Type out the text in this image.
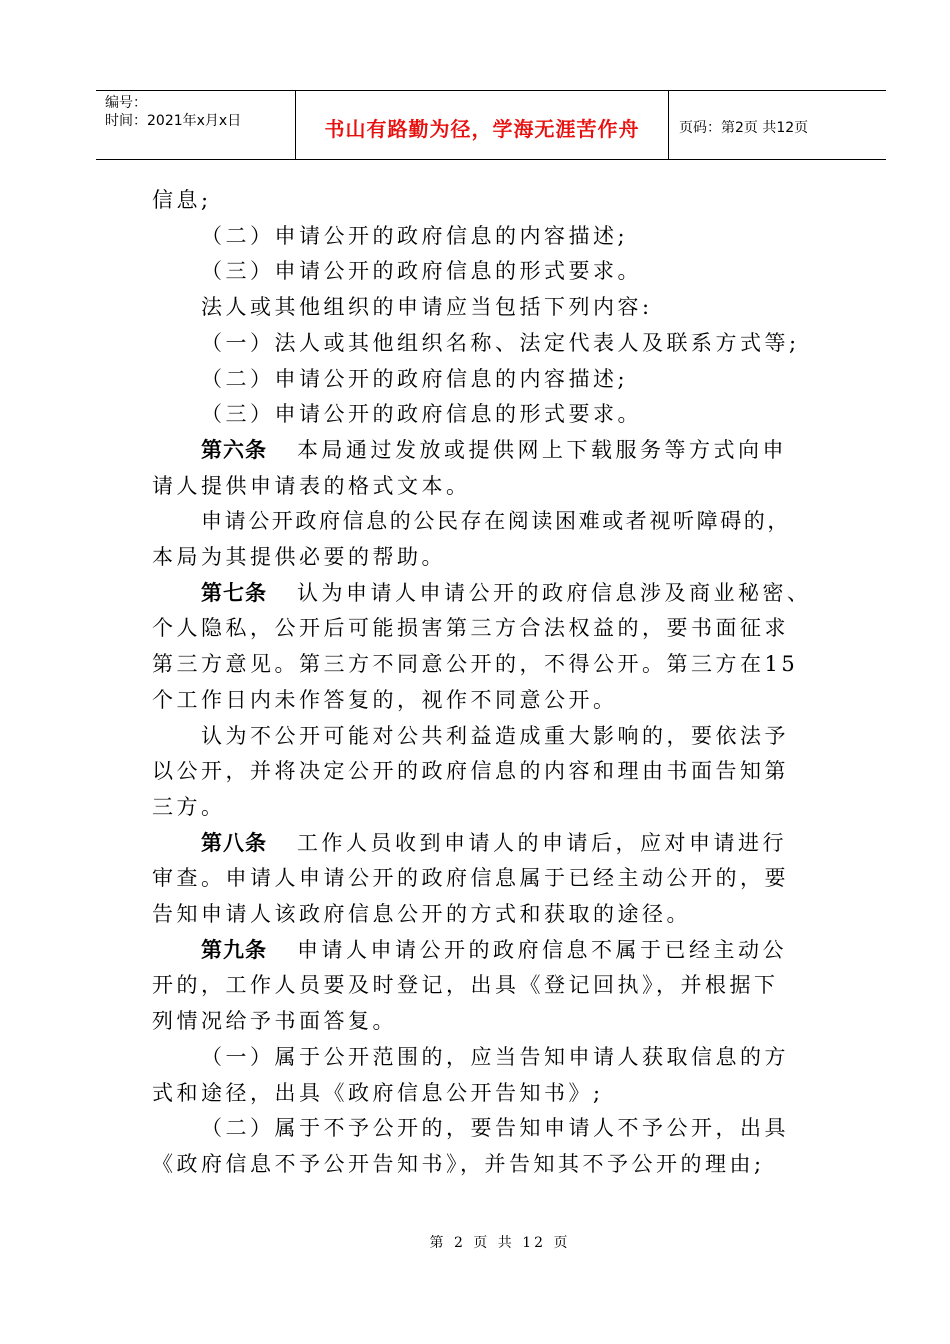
编号：
时间：2021年x月x日	书山有路勤为径，学海无涯苦作舟	页码：第2页 共12页
信息;
（二）申请公开的政府信息的内容描述;
（三）申请公开的政府信息的形式要求。
法人或其他组织的申请应当包括下列内容:
（一）法人或其他组织名称、法定代表人及联系方式等;
（二）申请公开的政府信息的内容描述;
（三）申请公开的政府信息的形式要求。
第六条 本局通过发放或提供网上下载服务等方式向申
请人提供申请表的格式文本。
申请公开政府信息的公民存在阅读困难或者视听障碍的，
本局为其提供必要的帮助。
第七条 认为申请人申请公开的政府信息涉及商业秘密、
个人隐私，公开后可能损害第三方合法权益的，要书面征求
第三方意见。第三方不同意公开的，不得公开。第三方在15
个工作日内未作答复的，视作不同意公开。
认为不公开可能对公共利益造成重大影响的，要依法予
以公开，并将决定公开的政府信息的内容和理由书面告知第
三方。
第八条 工作人员收到申请人的申请后，应对申请进行
审查。申请人申请公开的政府信息属于已经主动公开的，要
告知申请人该政府信息公开的方式和获取的途径。
第九条 申请人申请公开的政府信息不属于已经主动公
开的，工作人员要及时登记，出具《登记回执》，并根据下
列情况给予书面答复。
（一）属于公开范围的，应当告知申请人获取信息的方
式和途径，出具《政府信息公开告知书》;
（二）属于不予公开的，要告知申请人不予公开，出具
《政府信息不予公开告知书》，并告知其不予公开的理由;
第 2 页 共 12 页
